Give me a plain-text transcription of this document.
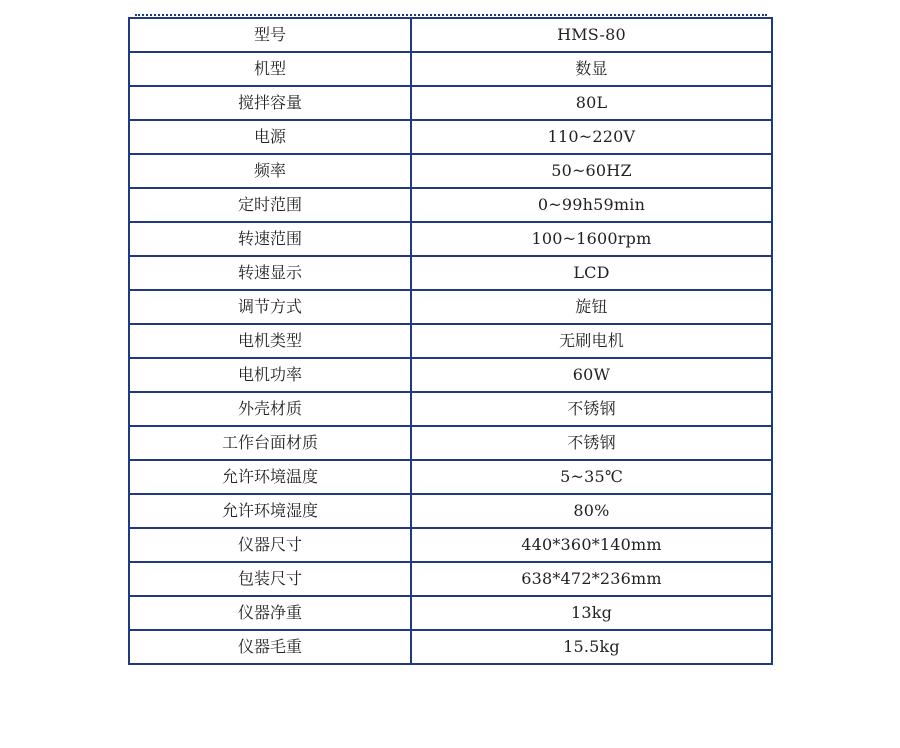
型号	HMS-80
机型	数显
搅拌容量	80L
电源	110~220V
频率	50~60HZ
定时范围	0~99h59min
转速范围	100~1600rpm
转速显示	LCD
调节方式	旋钮
电机类型	无刷电机
电机功率	60W
外壳材质	不锈钢
工作台面材质	不锈钢
允许环境温度	5~35℃
允许环境湿度	80%
仪器尺寸	440*360*140mm
包装尺寸	638*472*236mm
仪器净重	13kg
仪器毛重	15.5kg
